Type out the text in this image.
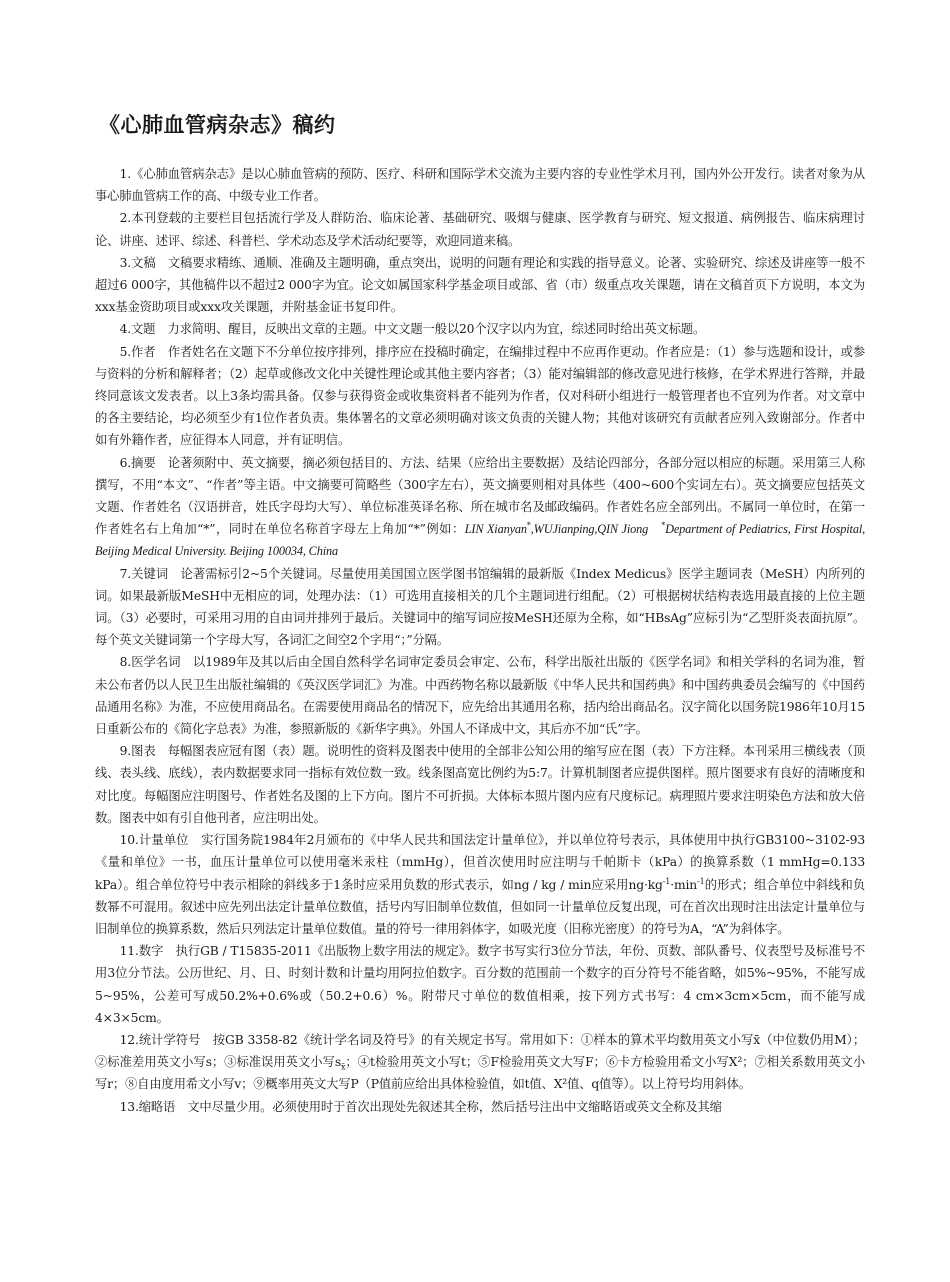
《心肺血管病杂志》稿约

1.《心肺血管病杂志》是以心肺血管病的预防、医疗、科研和国际学术交流为主要内容的专业性学术月刊，国内外公开发行。读者对象为从事心肺血管病工作的高、中级专业工作者。

2.本刊登载的主要栏目包括流行学及人群防治、临床论著、基础研究、吸烟与健康、医学教育与研究、短文报道、病例报告、临床病理讨论、讲座、述评、综述、科普栏、学术动态及学术活动纪要等，欢迎同道来稿。

3.文稿　文稿要求精练、通顺、准确及主题明确，重点突出，说明的问题有理论和实践的指导意义。论著、实验研究、综述及讲座等一般不超过6 000字，其他稿件以不超过2 000字为宜。论文如属国家科学基金项目或部、省（市）级重点攻关课题，请在文稿首页下方说明，本文为xxx基金资助项目或xxx攻关课题，并附基金证书复印件。

4.文题　力求简明、醒目，反映出文章的主题。中文文题一般以20个汉字以内为宜，综述同时给出英文标题。

5.作者　作者姓名在文题下不分单位按序排列，排序应在投稿时确定，在编排过程中不应再作更动。作者应是：（1）参与选题和设计，或参与资料的分析和解释者；（2）起草或修改文化中关键性理论或其他主要内容者；（3）能对编辑部的修改意见进行核修，在学术界进行答辩，并最终同意该文发表者。以上3条均需具备。仅参与获得资金或收集资料者不能列为作者，仅对科研小组进行一般管理者也不宜列为作者。对文章中的各主要结论，均必须至少有1位作者负责。集体署名的文章必须明确对该文负责的关键人物；其他对该研究有贡献者应列入致谢部分。作者中如有外籍作者，应征得本人同意，并有证明信。

6.摘要　论著须附中、英文摘要，摘必须包括目的、方法、结果（应给出主要数据）及结论四部分，各部分冠以相应的标题。采用第三人称撰写，不用“本文”、“作者”等主语。中文摘要可简略些（300字左右），英文摘要则相对具体些（400~600个实词左右）。英文摘要应包括英文文题、作者姓名（汉语拼音，姓氏字母均大写）、单位标准英译名称、所在城市名及邮政编码。作者姓名应全部列出。不属同一单位时，在第一作者姓名右上角加“*”，同时在单位名称首字母左上角加“*”例如：LIN Xianyan*,WUJianping,QIN Jiong *Department of Pediatrics, First Hospital, Beijing Medical University. Beijing 100034, China

7.关键词　论著需标引2~5个关键词。尽量使用美国国立医学图书馆编辑的最新版《Index Medicus》医学主题词表（MeSH）内所列的词。如果最新版MeSH中无相应的词，处理办法：（1）可选用直接相关的几个主题词进行组配。（2）可根据树状结构表选用最直接的上位主题词。（3）必要时，可采用习用的自由词并排列于最后。关键词中的缩写词应按MeSH还原为全称，如“HBsAg”应标引为“乙型肝炎表面抗原”。每个英文关键词第一个字母大写，各词汇之间空2个字用“；”分隔。

8.医学名词　以1989年及其以后由全国自然科学名词审定委员会审定、公布，科学出版社出版的《医学名词》和相关学科的名词为准，暂未公布者仍以人民卫生出版社编辑的《英汉医学词汇》为准。中西药物名称以最新版《中华人民共和国药典》和中国药典委员会编写的《中国药品通用名称》为准，不应使用商品名。在需要使用商品名的情况下，应先给出其通用名称，括内给出商品名。汉字简化以国务院1986年10月15日重新公布的《简化字总表》为准，参照新版的《新华字典》。外国人不译成中文，其后亦不加“氏”字。

9.图表　每幅图表应冠有图（表）题。说明性的资料及图表中使用的全部非公知公用的缩写应在图（表）下方注释。本刊采用三横线表（顶线、表头线、底线），表内数据要求同一指标有效位数一致。线条图高宽比例约为5:7。计算机制图者应提供图样。照片图要求有良好的清晰度和对比度。每幅图应注明图号、作者姓名及图的上下方向。图片不可折损。大体标本照片图内应有尺度标记。病理照片要求注明染色方法和放大倍数。图表中如有引自他刊者，应注明出处。

10.计量单位　实行国务院1984年2月颁布的《中华人民共和国法定计量单位》，并以单位符号表示，具体使用中执行GB3100~3102-93《量和单位》一书，血压计量单位可以使用毫米汞柱（mmHg），但首次使用时应注明与千帕斯卡（kPa）的换算系数（1 mmHg=0.133 kPa）。组合单位符号中表示相除的斜线多于1条时应采用负数的形式表示，如ng / kg / min应采用$ng\cdot kg^{-1}\cdot\min^{-1}$的形式；组合单位中斜线和负数幂不可混用。叙述中应先列出法定计量单位数值，括号内写旧制单位数值，但如同一计量单位反复出现，可在首次出现时注出法定计量单位与旧制单位的换算系数，然后只列法定计量单位数值。量的符号一律用斜体字，如吸光度（旧称光密度）的符号为A，“A”为斜体字。

11.数字　执行GB / T15835-2011《出版物上数字用法的规定》。数字书写实行3位分节法，年份、页数、部队番号、仪表型号及标准号不用3位分节法。公历世纪、月、日、时刻计数和计量均用阿拉伯数字。百分数的范围前一个数字的百分符号不能省略，如5%~95%，不能写成5~95%，公差可写成50.2%+0.6%或（50.2+0.6）%。附带尺寸单位的数值相乘，按下列方式书写：4 cm×3cm×5cm，而不能写成4×3×5cm。

12.统计学符号　按GB 3358-82《统计学名词及符号》的有关规定书写。常用如下：①样本的算术平均数用英文小写x̄（中位数仍用M）；②标准差用英文小写s；③标准误用英文小写$s_{x̄}$；④t检验用英文小写t；⑤F检验用英文大写F；⑥卡方检验用希文小写X²；⑦相关系数用英文小写r；⑧自由度用希文小写v；⑨概率用英文大写P（P值前应给出具体检验值，如t值、X²值、q值等）。以上符号均用斜体。

13.缩略语　文中尽量少用。必须使用时于首次出现处先叙述其全称，然后括号注出中文缩略语或英文全称及其缩
